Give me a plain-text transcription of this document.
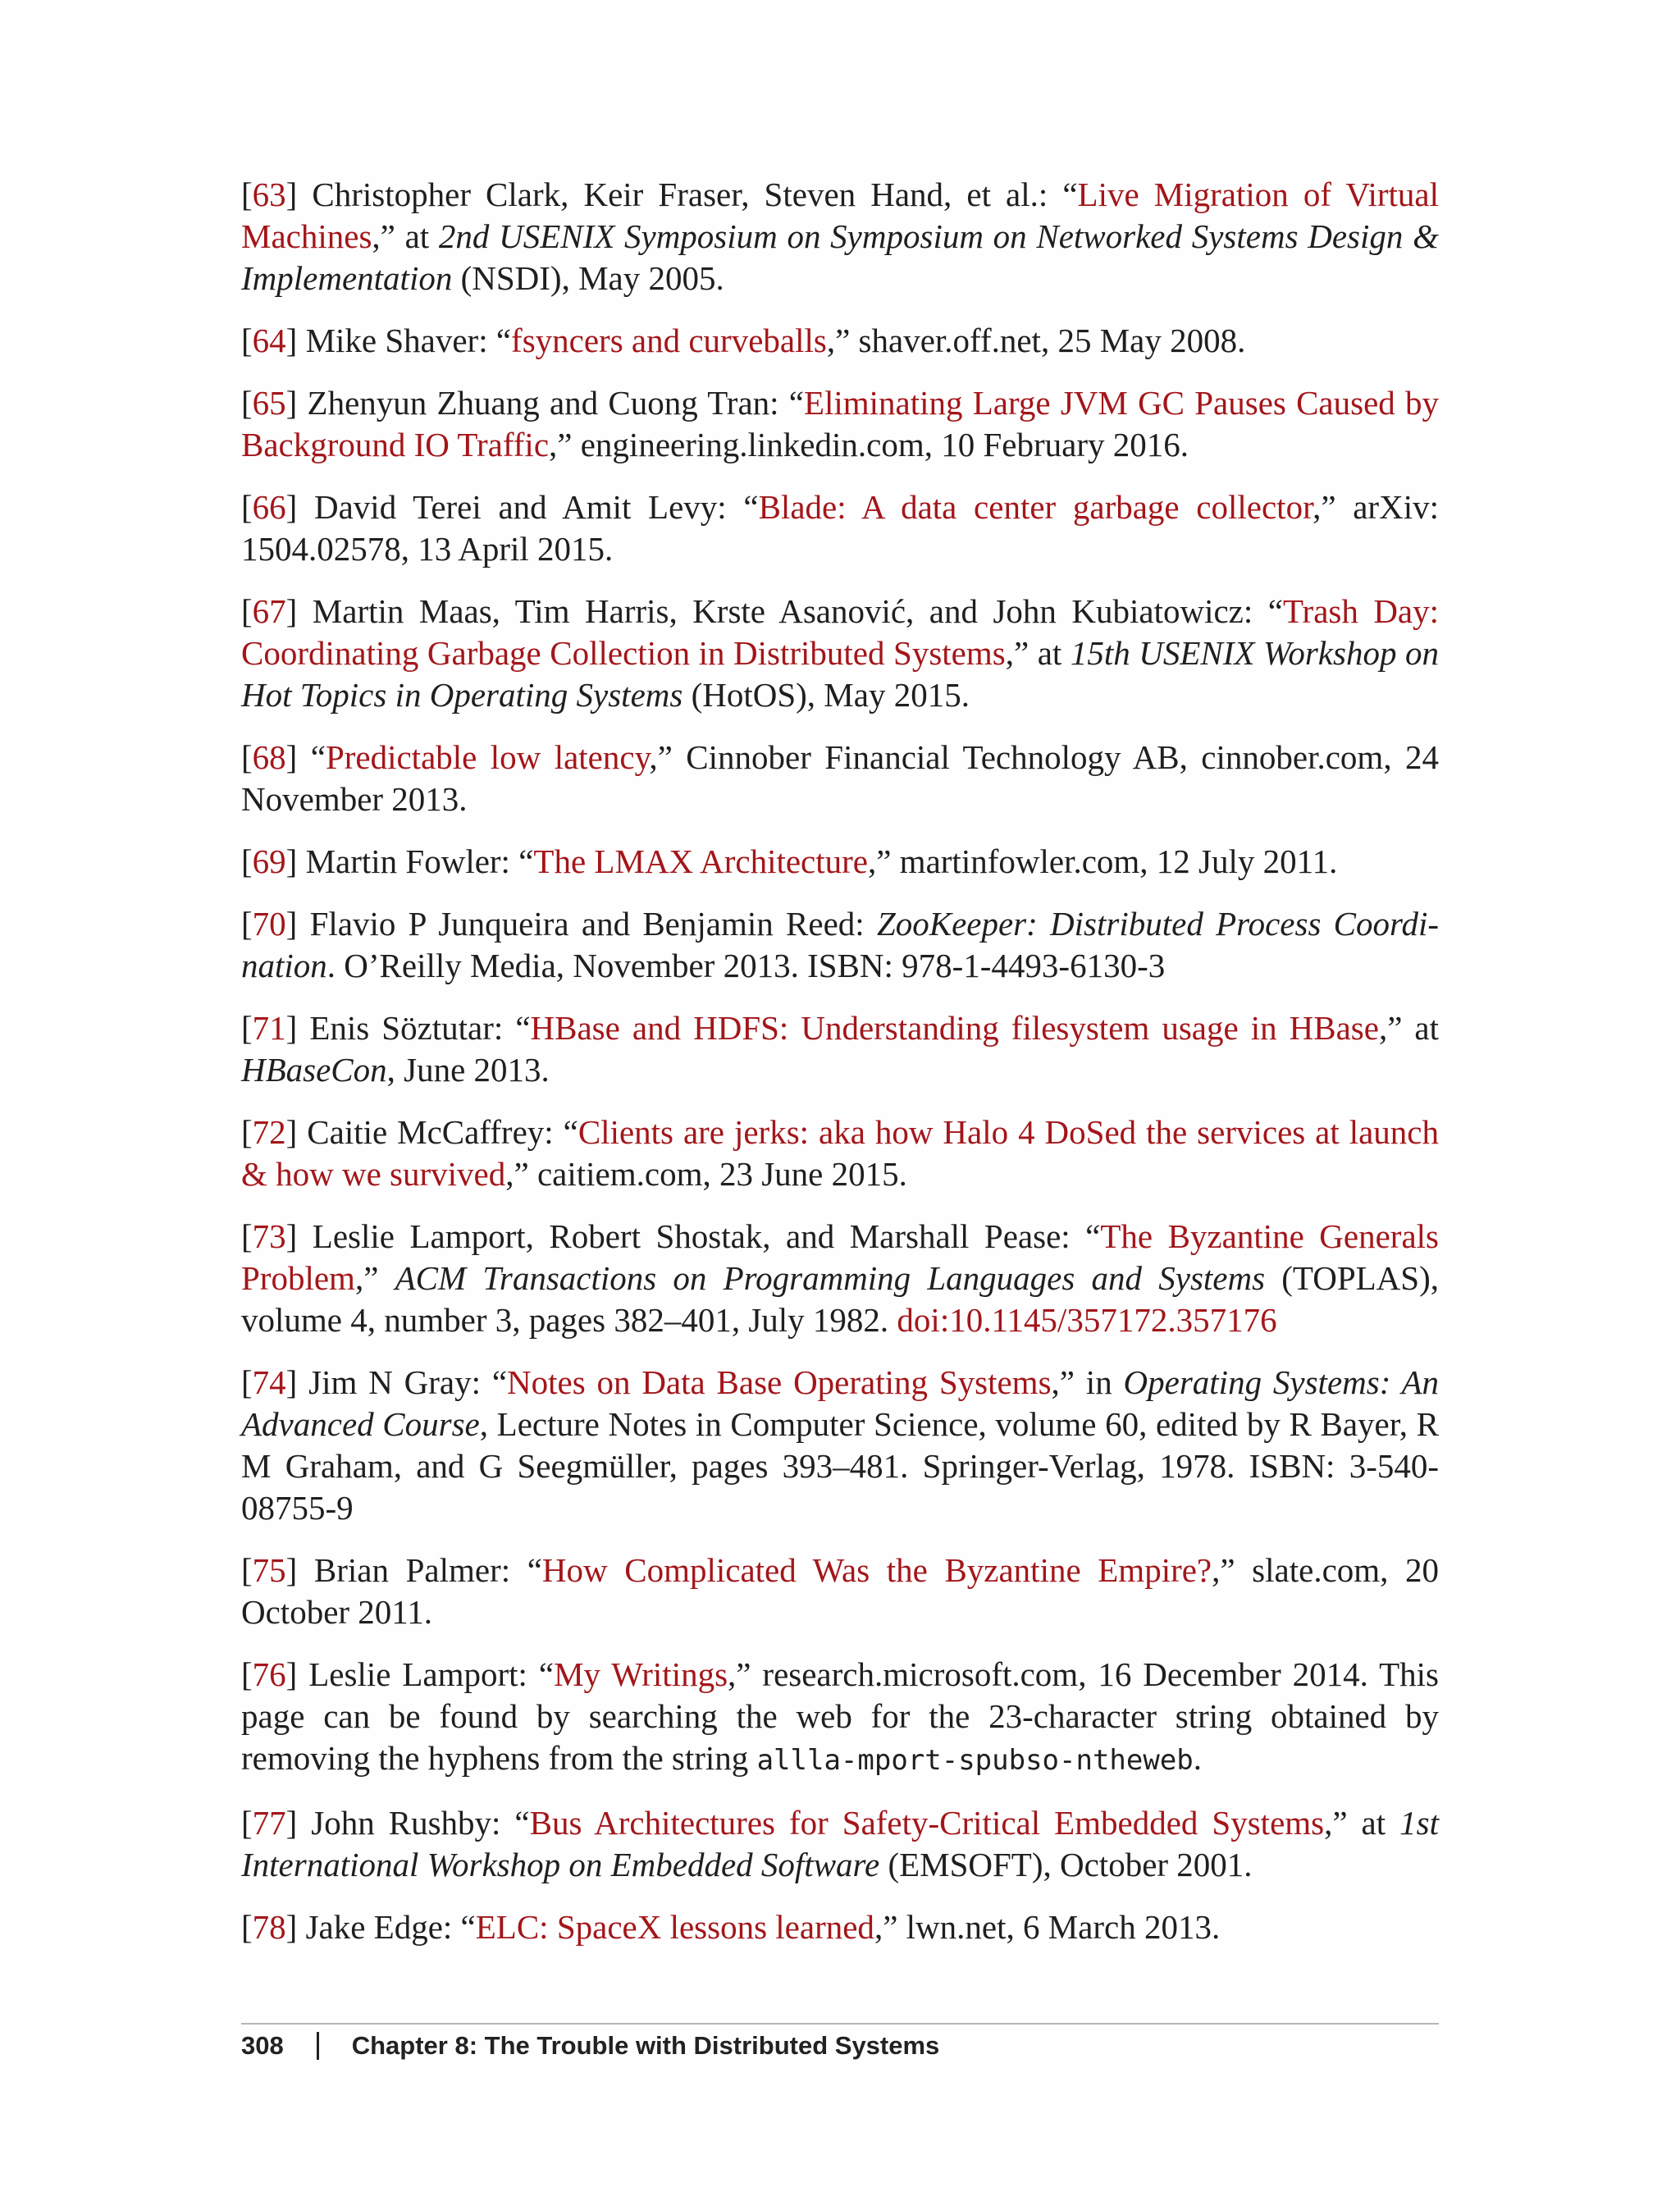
[63] Christopher Clark, Keir Fraser, Steven Hand, et al.: “Live Migration of Virtual Machines,” at 2nd USENIX Symposium on Symposium on Networked Systems Design & Implementation (NSDI), May 2005.

[64] Mike Shaver: “fsyncers and curveballs,” shaver.off.net, 25 May 2008.

[65] Zhenyun Zhuang and Cuong Tran: “Eliminating Large JVM GC Pauses Caused by Background IO Traffic,” engineering.linkedin.com, 10 February 2016.

[66] David Terei and Amit Levy: “Blade: A data center garbage collector,” arXiv: 1504.02578, 13 April 2015.

[67] Martin Maas, Tim Harris, Krste Asanović, and John Kubiatowicz: “Trash Day: Coordinating Garbage Collection in Distributed Systems,” at 15th USENIX Workshop on Hot Topics in Operating Systems (HotOS), May 2015.

[68] “Predictable low latency,” Cinnober Financial Technology AB, cinnober.com, 24 November 2013.

[69] Martin Fowler: “The LMAX Architecture,” martinfowler.com, 12 July 2011.

[70] Flavio P Junqueira and Benjamin Reed: ZooKeeper: Distributed Process Coordination. O’Reilly Media, November 2013. ISBN: 978-1-4493-6130-3

[71] Enis Söztutar: “HBase and HDFS: Understanding filesystem usage in HBase,” at HBaseCon, June 2013.

[72] Caitie McCaffrey: “Clients are jerks: aka how Halo 4 DoSed the services at launch & how we survived,” caitiem.com, 23 June 2015.

[73] Leslie Lamport, Robert Shostak, and Marshall Pease: “The Byzantine Generals Problem,” ACM Transactions on Programming Languages and Systems (TOPLAS), volume 4, number 3, pages 382–401, July 1982. doi:10.1145/357172.357176

[74] Jim N Gray: “Notes on Data Base Operating Systems,” in Operating Systems: An Advanced Course, Lecture Notes in Computer Science, volume 60, edited by R Bayer, R M Graham, and G Seegmüller, pages 393–481. Springer-Verlag, 1978. ISBN: 3-540-08755-9

[75] Brian Palmer: “How Complicated Was the Byzantine Empire?,” slate.com, 20 October 2011.

[76] Leslie Lamport: “My Writings,” research.microsoft.com, 16 December 2014. This page can be found by searching the web for the 23-character string obtained by removing the hyphens from the string allla-mport-spubso-ntheweb.

[77] John Rushby: “Bus Architectures for Safety-Critical Embedded Systems,” at 1st International Workshop on Embedded Software (EMSOFT), October 2001.

[78] Jake Edge: “ELC: SpaceX lessons learned,” lwn.net, 6 March 2013.

308	Chapter 8: The Trouble with Distributed Systems
